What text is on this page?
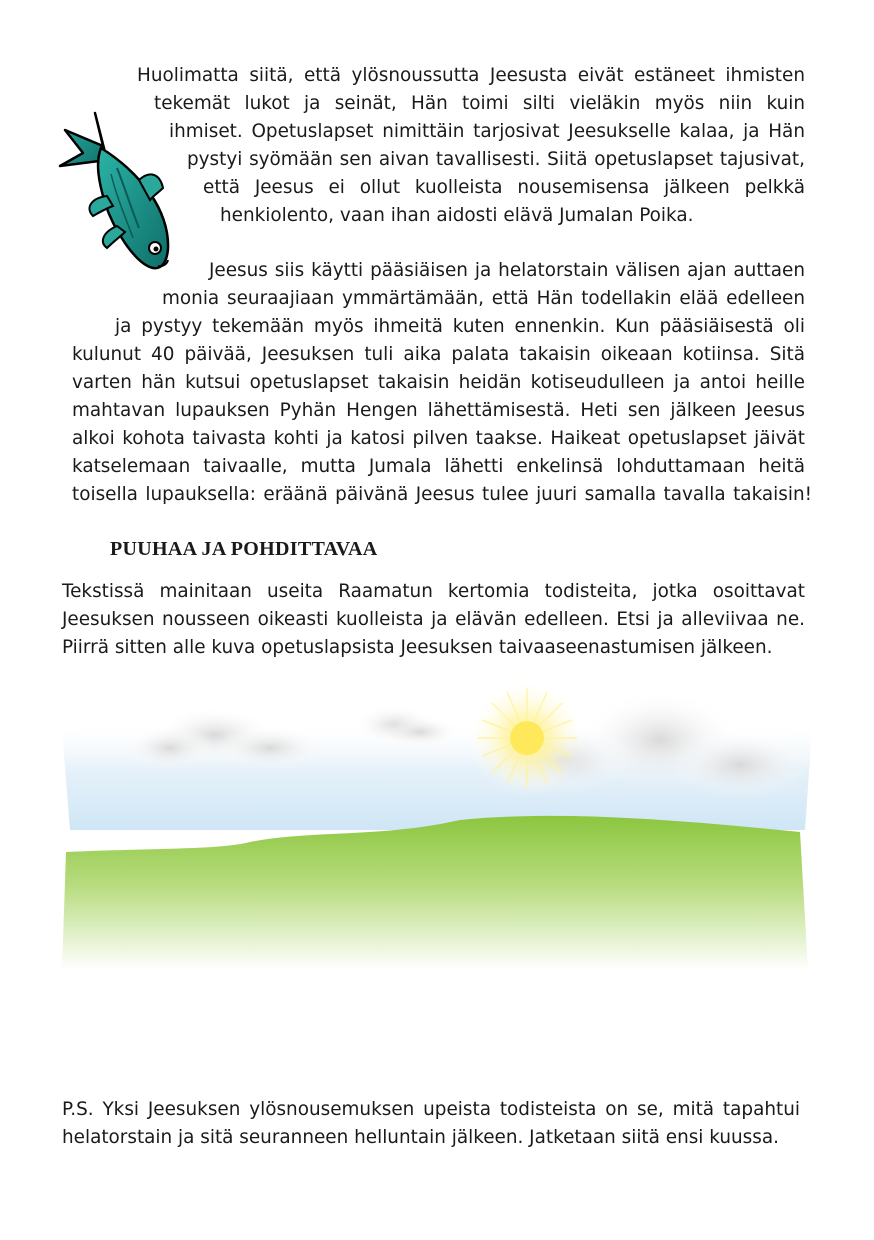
Huolimatta siitä, että ylösnoussutta Jeesusta eivät estäneet ihmisten
tekemät lukot ja seinät, Hän toimi silti vieläkin myös niin kuin
ihmiset. Opetuslapset nimittäin tarjosivat Jeesukselle kalaa, ja Hän
pystyi syömään sen aivan tavallisesti. Siitä opetuslapset tajusivat,
että Jeesus ei ollut kuolleista nousemisensa jälkeen pelkkä
henkiolento, vaan ihan aidosti elävä Jumalan Poika.
Jeesus siis käytti pääsiäisen ja helatorstain välisen ajan auttaen
monia seuraajiaan ymmärtämään, että Hän todellakin elää edelleen
ja pystyy tekemään myös ihmeitä kuten ennenkin. Kun pääsiäisestä oli
kulunut 40 päivää, Jeesuksen tuli aika palata takaisin oikeaan kotiinsa. Sitä
varten hän kutsui opetuslapset takaisin heidän kotiseudulleen ja antoi heille
mahtavan lupauksen Pyhän Hengen lähettämisestä. Heti sen jälkeen Jeesus
alkoi kohota taivasta kohti ja katosi pilven taakse. Haikeat opetuslapset jäivät
katselemaan taivaalle, mutta Jumala lähetti enkelinsä lohduttamaan heitä
toisella lupauksella: eräänä päivänä Jeesus tulee juuri samalla tavalla takaisin!
PUUHAA JA POHDITTAVAA
Tekstissä mainitaan useita Raamatun kertomia todisteita, jotka osoittavat
Jeesuksen nousseen oikeasti kuolleista ja elävän edelleen. Etsi ja alleviivaa ne.
Piirrä sitten alle kuva opetuslapsista Jeesuksen taivaaseenastumisen jälkeen.
P.S. Yksi Jeesuksen ylösnousemuksen upeista todisteista on se, mitä tapahtui
helatorstain ja sitä seuranneen helluntain jälkeen. Jatketaan siitä ensi kuussa.
